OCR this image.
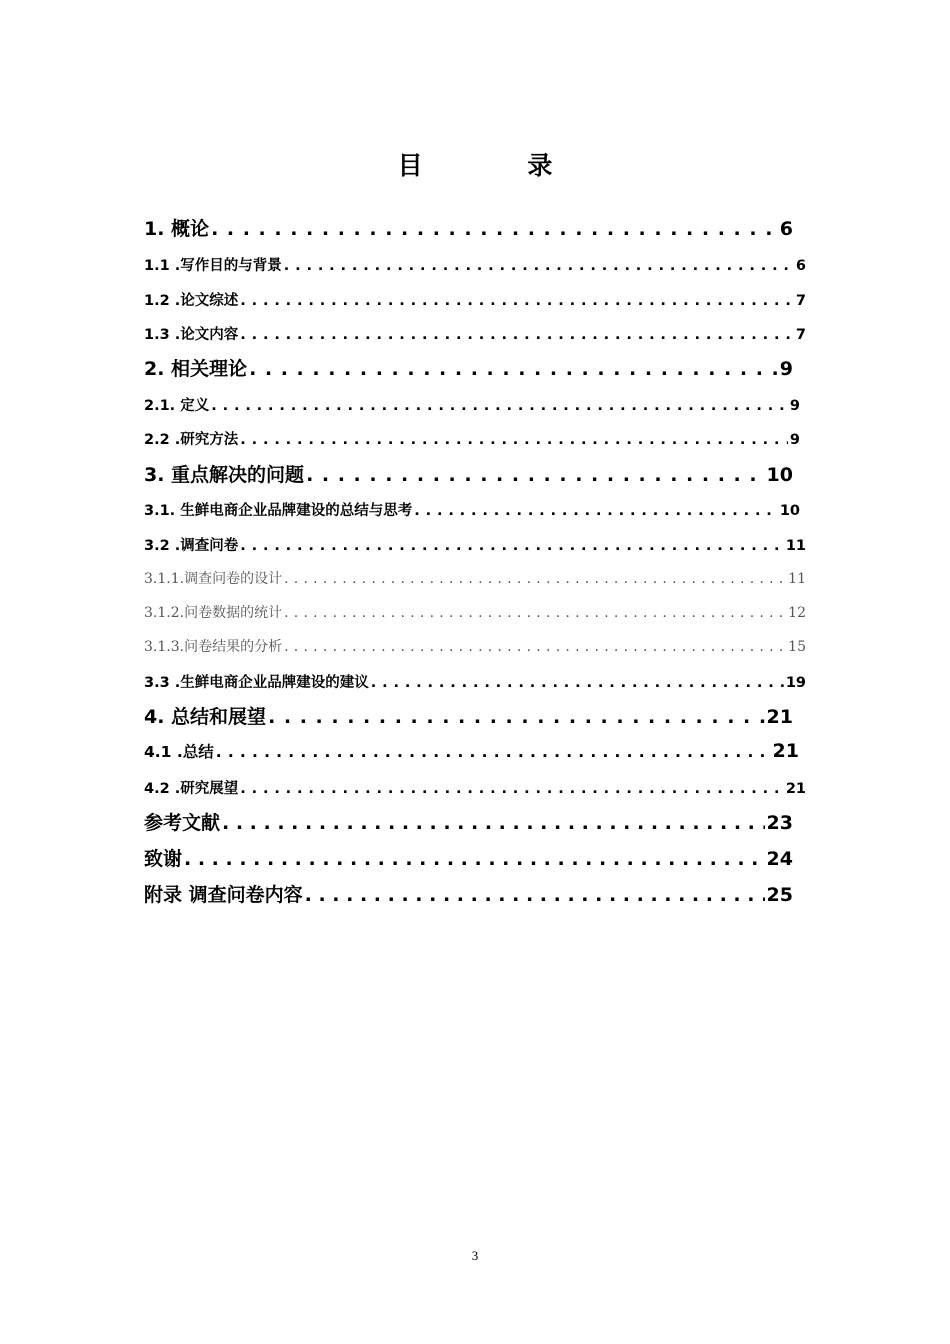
目 录
1. 概论 . . .	6
1.1 .写作目的与背景 . . .	6
1.2 .论文综述 . . .	7
1.3 .论文内容 . . .	7
2. 相关理论 . . .	9
2.1. 定义 . . .	9
2.2 .研究方法 . . .	9
3. 重点解决的问题 . . .	10
3.1. 生鲜电商企业品牌建设的总结与思考 . . .	10
3.2 .调查问卷 . . .	11
3.1.1.调查问卷的设计 . . .	11
3.1.2.问卷数据的统计 . . .	12
3.1.3.问卷结果的分析 . . .	15
3.3 .生鲜电商企业品牌建设的建议 . . .	19
4. 总结和展望 . . .	21
4.1 .总结 . . .	21
4.2 .研究展望 . . .	21
参考文献 . . .	23
致谢 . . .	24
附录 调查问卷内容 . . .	25
3
